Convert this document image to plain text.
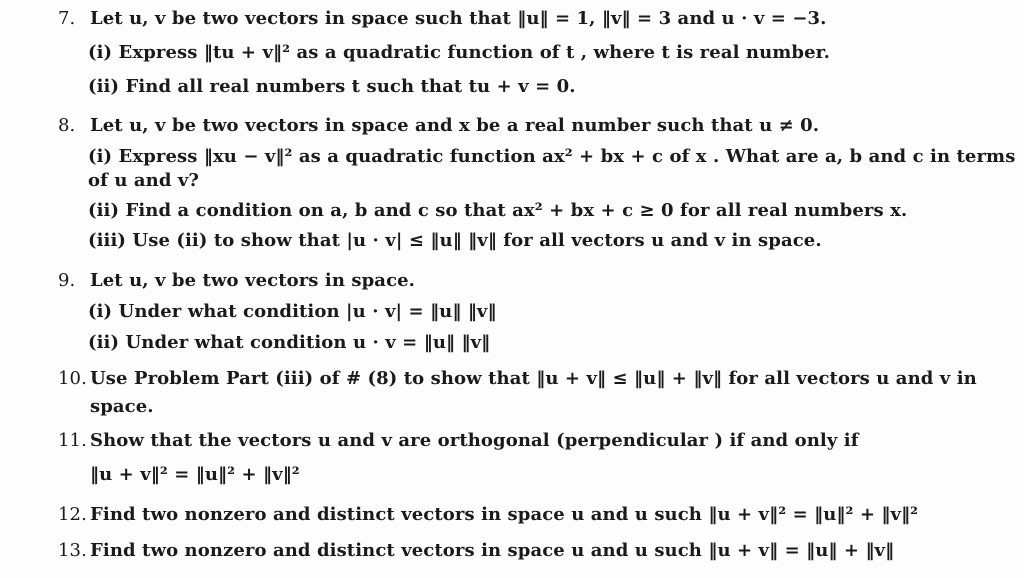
7. Let u, v be two vectors in space such that ‖u‖ = 1, ‖v‖ = 3 and u · v = −3.
(i) Express ‖tu + v‖² as a quadratic function of t , where t is real number.
(ii) Find all real numbers t such that tu + v = 0.
8. Let u, v be two vectors in space and x be a real number such that u ≠ 0.
(i) Express ‖xu − v‖² as a quadratic function ax² + bx + c of x . What are a, b and c in terms
of u and v?
(ii) Find a condition on a, b and c so that ax² + bx + c ≥ 0 for all real numbers x.
(iii) Use (ii) to show that |u · v| ≤ ‖u‖ ‖v‖ for all vectors u and v in space.
9. Let u, v be two vectors in space.
(i) Under what condition |u · v| = ‖u‖ ‖v‖
(ii) Under what condition u · v = ‖u‖ ‖v‖
10. Use Problem Part (iii) of # (8) to show that ‖u + v‖ ≤ ‖u‖ + ‖v‖ for all vectors u and v in
space.
11. Show that the vectors u and v are orthogonal (perpendicular ) if and only if
‖u + v‖² = ‖u‖² + ‖v‖²
12. Find two nonzero and distinct vectors in space u and u such ‖u + v‖² = ‖u‖² + ‖v‖²
13. Find two nonzero and distinct vectors in space u and u such ‖u + v‖ = ‖u‖ + ‖v‖
